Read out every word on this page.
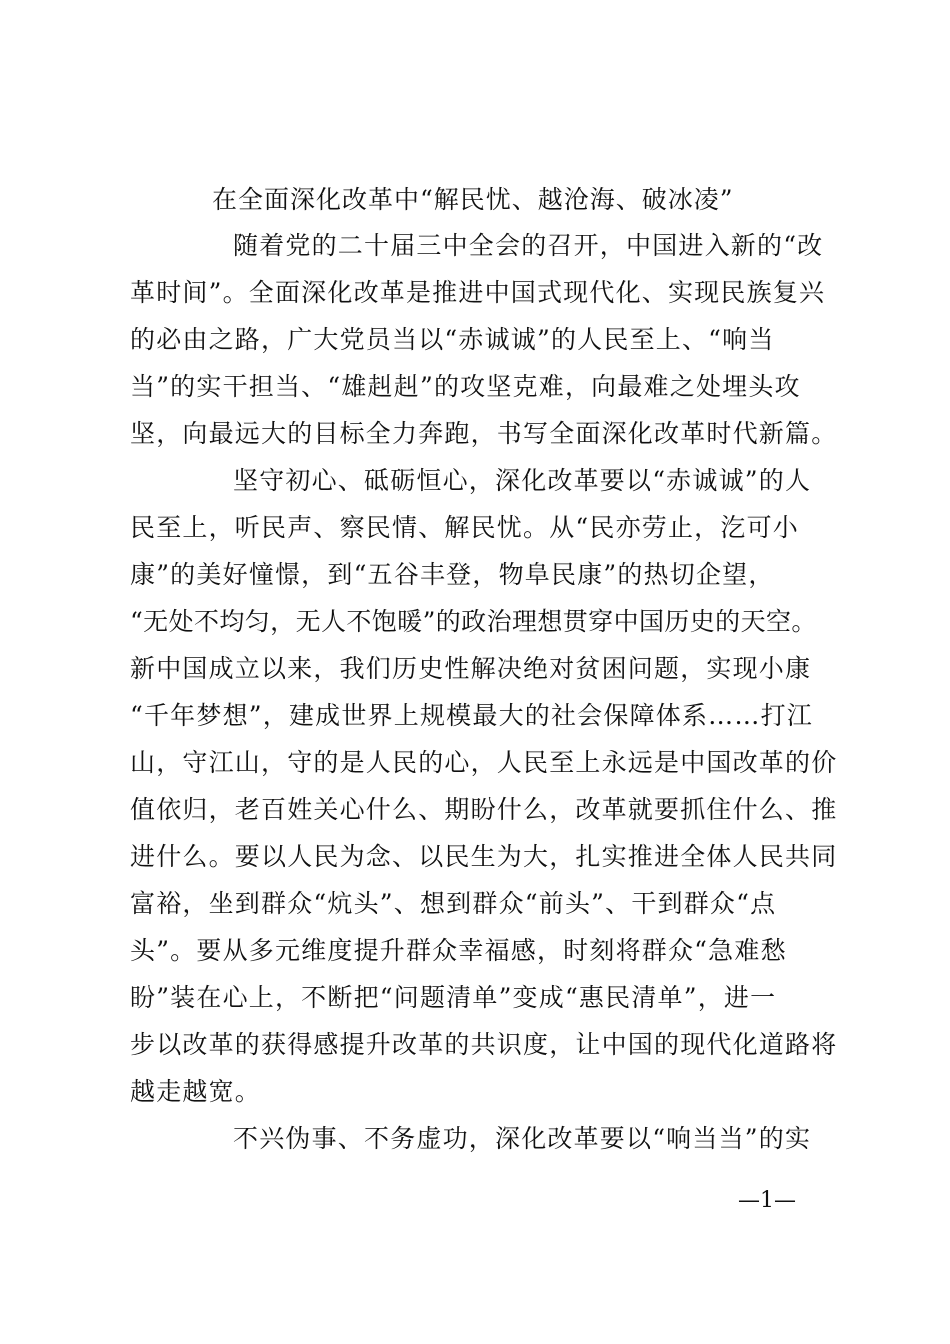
在全面深化改革中“解民忧、越沧海、破冰凌”
随着党的二十届三中全会的召开，中国进入新的“改
革时间”。全面深化改革是推进中国式现代化、实现民族复兴
的必由之路，广大党员当以“赤诚诚”的人民至上、“响当
当”的实干担当、“雄赳赳”的攻坚克难，向最难之处埋头攻
坚，向最远大的目标全力奔跑，书写全面深化改革时代新篇。
坚守初心、砥砺恒心，深化改革要以“赤诚诚”的人
民至上，听民声、察民情、解民忧。从“民亦劳止，汔可小
康”的美好憧憬，到“五谷丰登，物阜民康”的热切企望，
“无处不均匀，无人不饱暖”的政治理想贯穿中国历史的天空。
新中国成立以来，我们历史性解决绝对贫困问题，实现小康
“千年梦想”，建成世界上规模最大的社会保障体系……打江
山，守江山，守的是人民的心，人民至上永远是中国改革的价
值依归，老百姓关心什么、期盼什么，改革就要抓住什么、推
进什么。要以人民为念、以民生为大，扎实推进全体人民共同
富裕，坐到群众“炕头”、想到群众“前头”、干到群众“点
头”。要从多元维度提升群众幸福感，时刻将群众“急难愁
盼”装在心上，不断把“问题清单”变成“惠民清单”，进一
步以改革的获得感提升改革的共识度，让中国的现代化道路将
越走越宽。
不兴伪事、不务虚功，深化改革要以“响当当”的实
—1—
